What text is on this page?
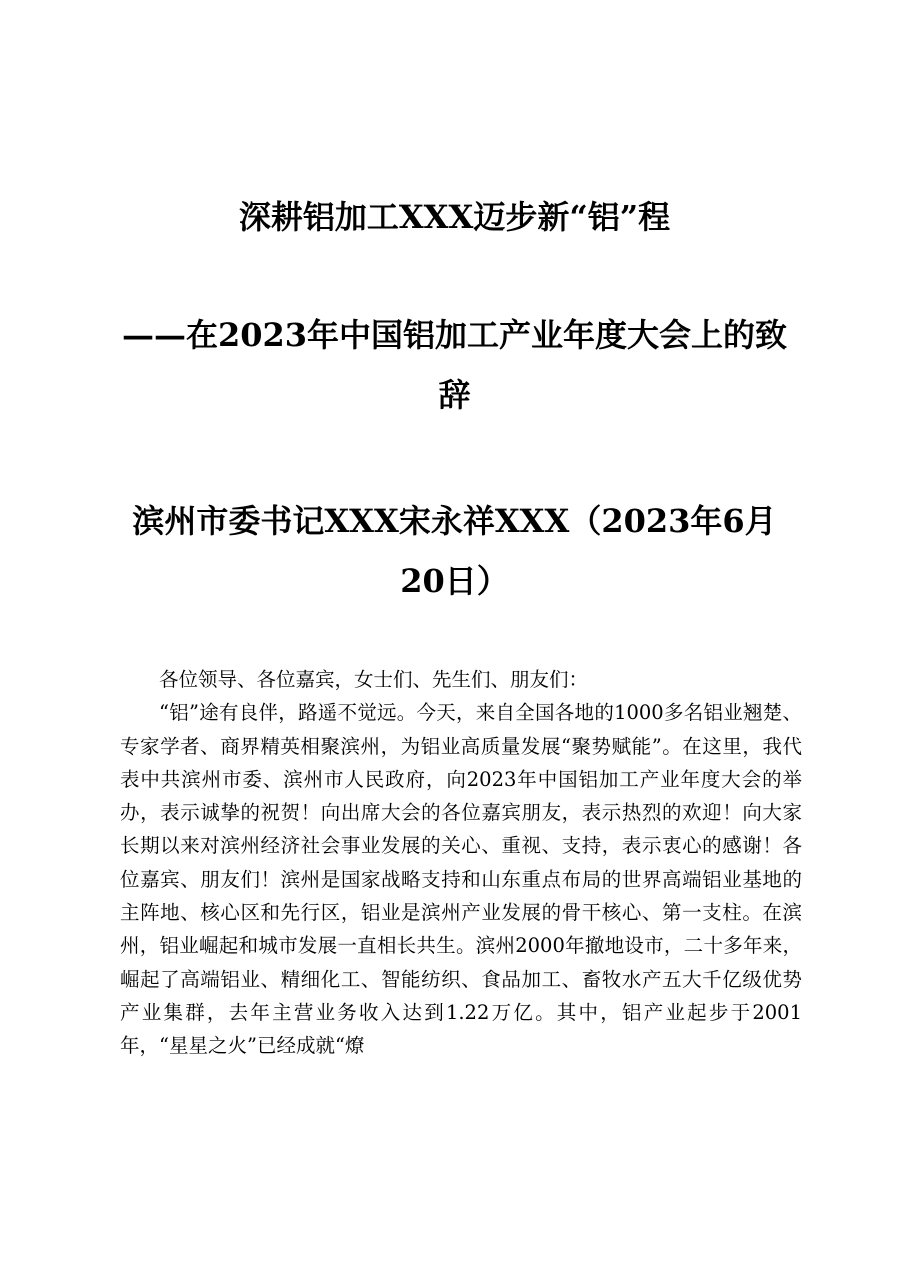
深耕铝加工XXX迈步新“铝”程
——在2023年中国铝加工产业年度大会上的致辞
滨州市委书记XXX宋永祥XXX（2023年6月20日）

各位领导、各位嘉宾，女士们、先生们、朋友们：

“铝”途有良伴，路遥不觉远。今天，来自全国各地的1000多名铝业翘楚、专家学者、商界精英相聚滨州，为铝业高质量发展“聚势赋能”。在这里，我代表中共滨州市委、滨州市人民政府，向2023年中国铝加工产业年度大会的举办，表示诚挚的祝贺！向出席大会的各位嘉宾朋友，表示热烈的欢迎！向大家长期以来对滨州经济社会事业发展的关心、重视、支持，表示衷心的感谢！各位嘉宾、朋友们！滨州是国家战略支持和山东重点布局的世界高端铝业基地的主阵地、核心区和先行区，铝业是滨州产业发展的骨干核心、第一支柱。在滨州，铝业崛起和城市发展一直相长共生。滨州2000年撤地设市，二十多年来，崛起了高端铝业、精细化工、智能纺织、食品加工、畜牧水产五大千亿级优势产业集群，去年主营业务收入达到1.22万亿。其中，铝产业起步于2001年，“星星之火”已经成就“燎
